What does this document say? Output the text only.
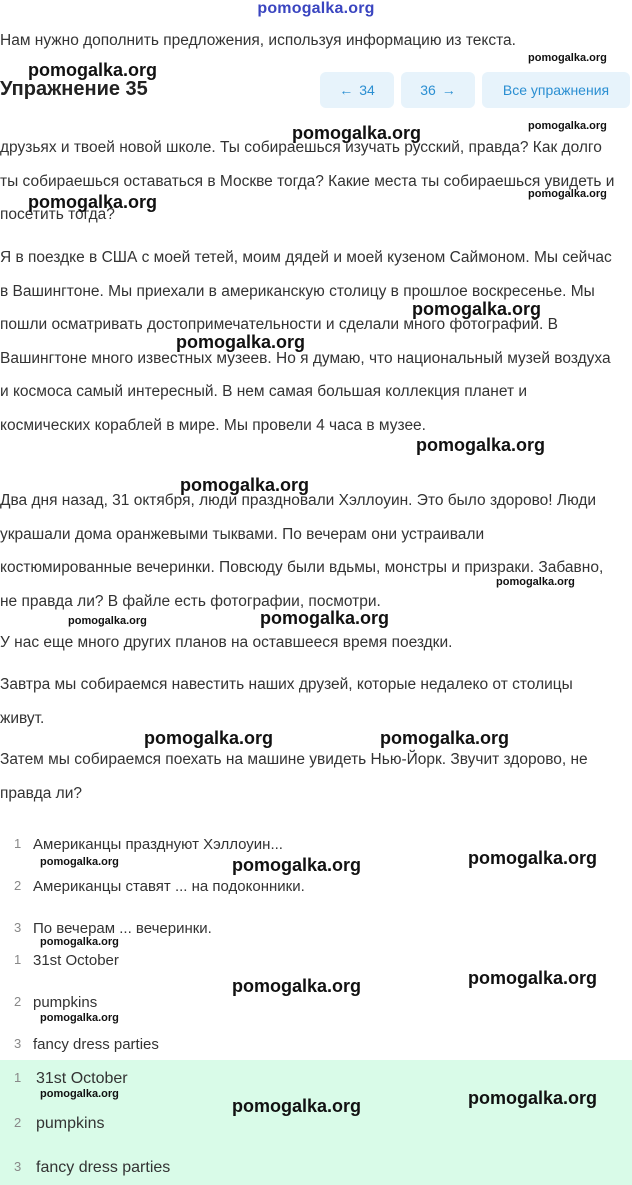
pomogalka.org
Нам нужно дополнить предложения, используя информацию из текста.
Упражнение 35	← 34	36 →	Все упражнения
друзьях и твоей новой школе. Ты собираешься изучать русский, правда? Как долго ты собираешься оставаться в Москве тогда? Какие места ты собираешься увидеть и посетить тогда?
Я в поездке в США с моей тетей, моим дядей и моей кузеном Саймоном. Мы сейчас в Вашингтоне. Мы приехали в американскую столицу в прошлое воскресенье. Мы пошли осматривать достопримечательности и сделали много фотографий. В Вашингтоне много известных музеев. Но я думаю, что национальный музей воздуха и космоса самый интересный. В нем самая большая коллекция планет и космических кораблей в мире. Мы провели 4 часа в музее.
Два дня назад, 31 октября, люди праздновали Хэллоуин. Это было здорово! Люди украшали дома оранжевыми тыквами. По вечерам они устраивали костюмированные вечеринки. Повсюду были вдьмы, монстры и призраки. Забавно, не правда ли? В файле есть фотографии, посмотри.
У нас еще много других планов на оставшееся время поездки.
Завтра мы собираемся навестить наших друзей, которые недалеко от столицы живут.
Затем мы собираемся поехать на машине увидеть Нью-Йорк. Звучит здорово, не правда ли?
1 Американцы празднуют Хэллоуин...
2 Американцы ставят ... на подоконники.
3 По вечерам ... вечеринки.
1 31st October
2 pumpkins
3 fancy dress parties
1 31st October
2 pumpkins
3 fancy dress parties
pomogalka.org
pomogalka.org
pomogalka.org	pomogalka.org
pomogalka.org	pomogalka.org
pomogalka.org
pomogalka.org
pomogalka.org
pomogalka.org
pomogalka.org
pomogalka.org	pomogalka.org
pomogalka.org	pomogalka.org
pomogalka.org	pomogalka.org	pomogalka.org
pomogalka.org
pomogalka.org
pomogalka.org
pomogalka.org
pomogalka.org	pomogalka.org
pomogalka.org
